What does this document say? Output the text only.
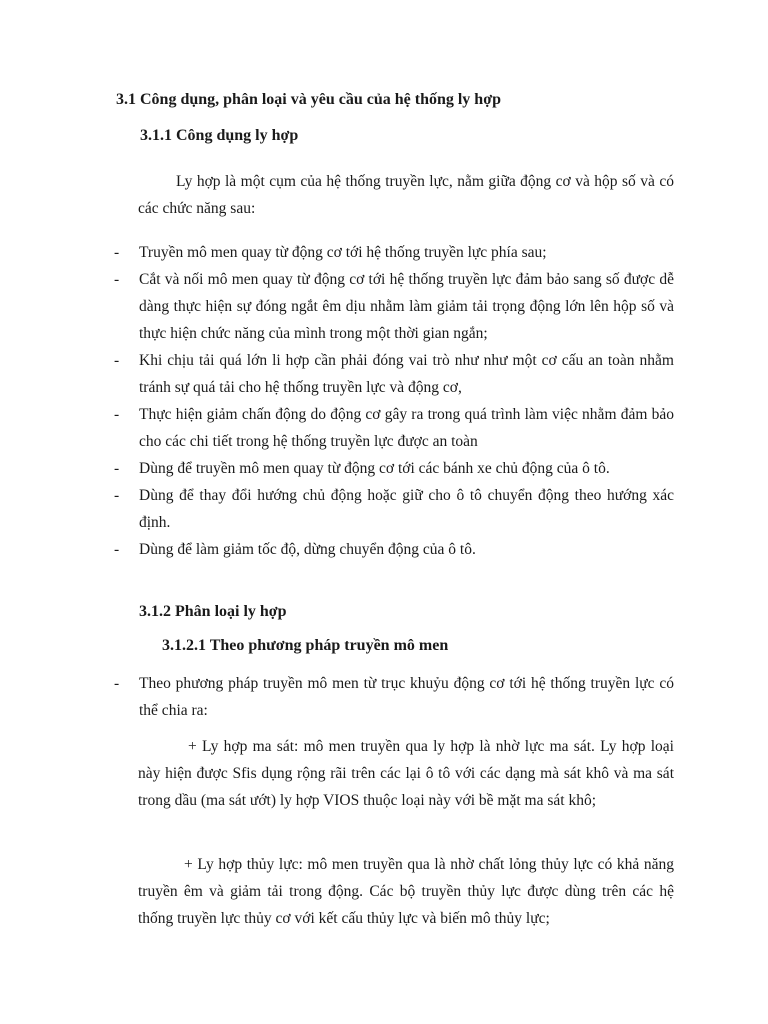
3.1 Công dụng, phân loại và yêu cầu của hệ thống ly hợp
3.1.1 Công dụng ly hợp
Ly hợp là một cụm của hệ thống truyền lực, nằm giữa động cơ và hộp số và có các chức năng sau:
- Truyền mô men quay từ động cơ tới hệ thống truyền lực phía sau;
- Cắt và nối mô men quay từ động cơ tới hệ thống truyền lực đảm bảo sang số được dễ dàng thực hiện sự đóng ngắt êm dịu nhằm làm giảm tải trọng động lớn lên hộp số và thực hiện chức năng của mình trong một thời gian ngắn;
- Khi chịu tải quá lớn li hợp cần phải đóng vai trò như như một cơ cấu an toàn nhằm tránh sự quá tải cho hệ thống truyền lực và động cơ,
- Thực hiện giảm chấn động do động cơ gây ra trong quá trình làm việc nhằm đảm bảo cho các chi tiết trong hệ thống truyền lực được an toàn
- Dùng để truyền mô men quay từ động cơ tới các bánh xe chủ động của ô tô.
- Dùng để thay đổi hướng chủ động hoặc giữ cho ô tô chuyển động theo hướng xác định.
- Dùng để làm giảm tốc độ, dừng chuyển động của ô tô.
3.1.2 Phân loại ly hợp
3.1.2.1 Theo phương pháp truyền mô men
- Theo phương pháp truyền mô men từ trục khuỷu động cơ tới hệ thống truyền lực có thể chia ra:
+ Ly hợp ma sát: mô men truyền qua ly hợp là nhờ lực ma sát. Ly hợp loại này hiện được Sfis dụng rộng rãi trên các lại ô tô với các dạng mà sát khô và ma sát trong dầu (ma sát ướt) ly hợp VIOS thuộc loại này với bề mặt ma sát khô;
+ Ly hợp thủy lực: mô men truyền qua là nhờ chất lỏng thủy lực có khả năng truyền êm và giảm tải trong động. Các bộ truyền thủy lực được dùng trên các hệ thống truyền lực thủy cơ với kết cấu thủy lực và biến mô thủy lực;
